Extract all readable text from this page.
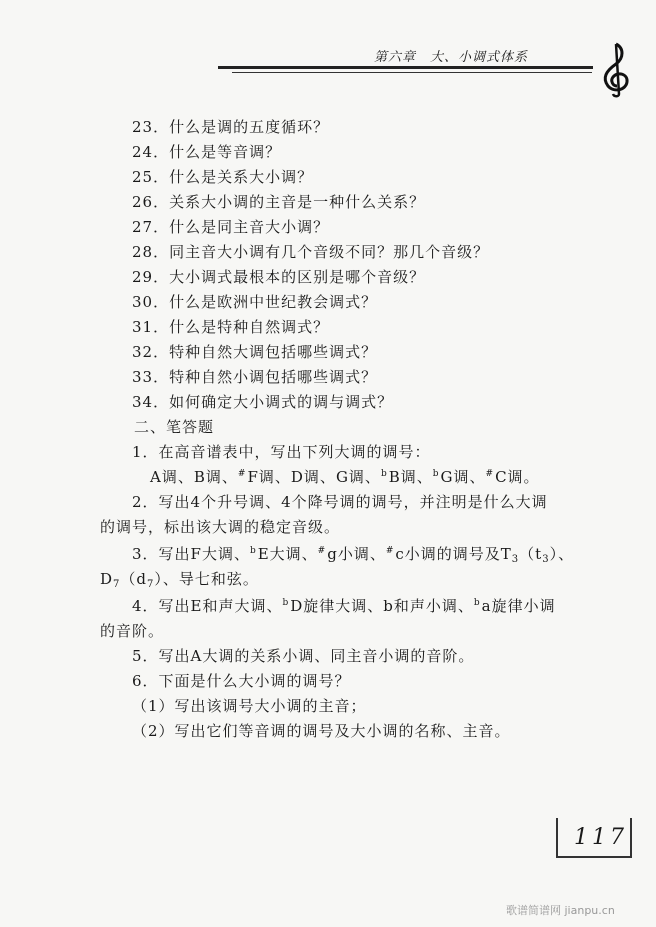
第六章　大、小调式体系
23．什么是调的五度循环？
24．什么是等音调？
25．什么是关系大小调？
26．关系大小调的主音是一种什么关系？
27．什么是同主音大小调？
28．同主音大小调有几个音级不同？那几个音级？
29．大小调式最根本的区别是哪个音级？
30．什么是欧洲中世纪教会调式？
31．什么是特种自然调式？
32．特种自然大调包括哪些调式？
33．特种自然小调包括哪些调式？
34．如何确定大小调式的调与调式？
二、笔答题
1．在高音谱表中，写出下列大调的调号：
A调、B调、#F调、D调、G调、$^b$B调、$^b$G调、#C调。
2．写出4个升号调、4个降号调的调号，并注明是什么大调
的调号，标出该大调的稳定音级。
3．写出F大调、$^b$E大调、#g小调、#c小调的调号及$T_3(t_3)$、
$D_7(d_7)$、导七和弦。
4．写出E和声大调、$^b$D旋律大调、b和声小调、$^b$a旋律小调
的音阶。
5．写出A大调的关系小调、同主音小调的音阶。
6．下面是什么大小调的调号？
（1）写出该调号大小调的主音；
（2）写出它们等音调的调号及大小调的名称、主音。
117
歌谱简谱网 jianpu.cn
